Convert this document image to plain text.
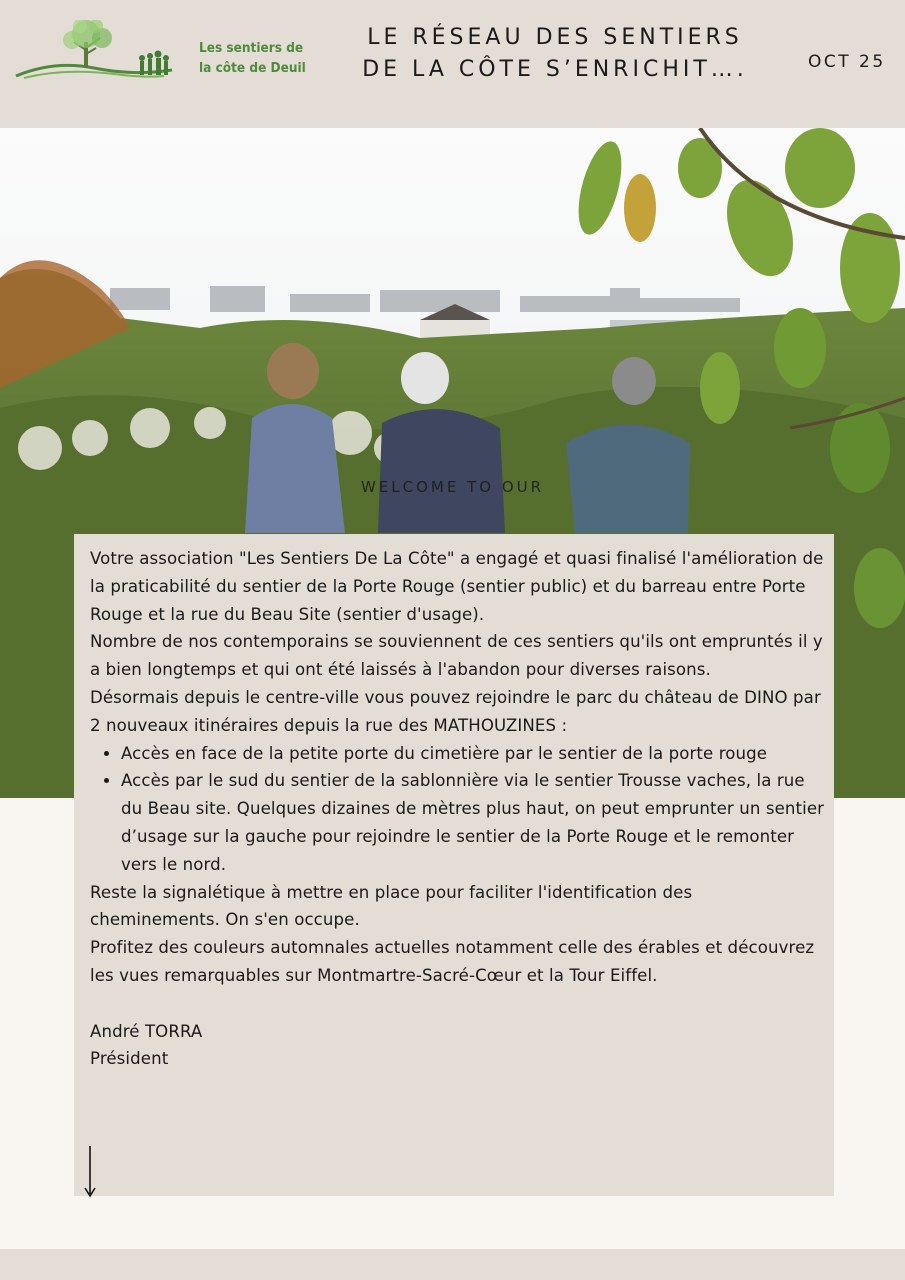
Les sentiers de
la côte de Deuil
LE RÉSEAU DES SENTIERS
DE LA CÔTE S’ENRICHIT….	OCT 25
WELCOME TO OUR

Votre association "Les Sentiers De La Côte" a engagé et quasi finalisé l'amélioration de la praticabilité du sentier de la Porte Rouge (sentier public) et du barreau entre Porte Rouge et la rue du Beau Site (sentier d'usage).

Nombre de nos contemporains se souviennent de ces sentiers qu'ils ont empruntés il y a bien longtemps et qui ont été laissés à l'abandon pour diverses raisons.

Désormais depuis le centre-ville vous pouvez rejoindre le parc du château de DINO par 2 nouveaux itinéraires depuis la rue des MATHOUZINES :

• Accès en face de la petite porte du cimetière par le sentier de la porte rouge
• Accès par le sud du sentier de la sablonnière via le sentier Trousse vaches, la rue du Beau site. Quelques dizaines de mètres plus haut, on peut emprunter un sentier d’usage sur la gauche pour rejoindre le sentier de la Porte Rouge et le remonter vers le nord.

Reste la signalétique à mettre en place pour faciliter l'identification des cheminements. On s'en occupe.

Profitez des couleurs automnales actuelles notamment celle des érables et découvrez les vues remarquables sur Montmartre-Sacré-Cœur et la Tour Eiffel.

André TORRA

Président
